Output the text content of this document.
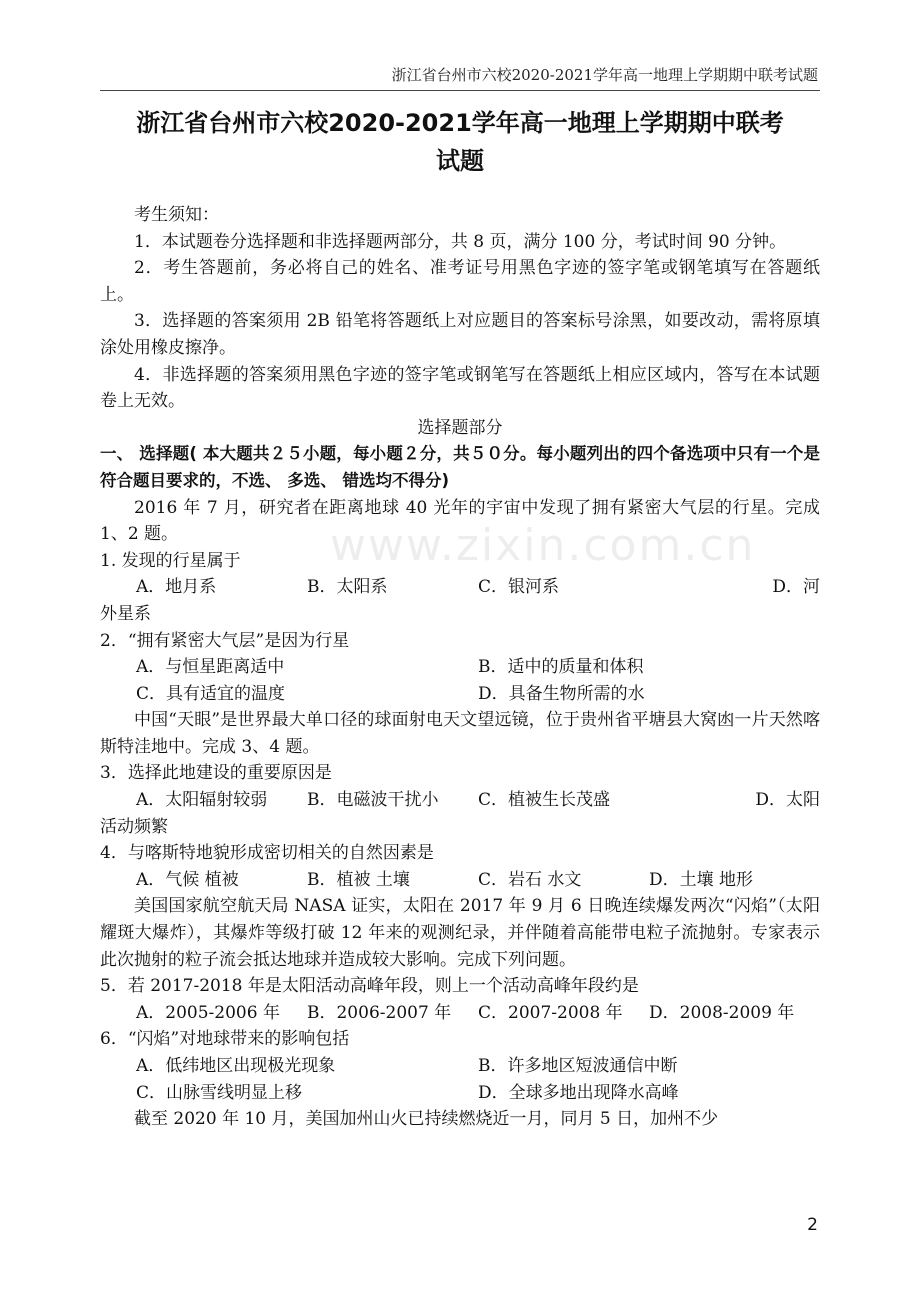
浙江省台州市六校2020-2021学年高一地理上学期期中联考试题
浙江省台州市六校2020-2021学年高一地理上学期期中联考
试题
www.zixin.com.cn

考生须知：

1．本试题卷分选择题和非选择题两部分，共 8 页，满分 100 分，考试时间 90 分钟。

2．考生答题前，务必将自己的姓名、准考证号用黑色字迹的签字笔或钢笔填写在答题纸上。

3．选择题的答案须用 2B 铅笔将答题纸上对应题目的答案标号涂黑，如要改动，需将原填涂处用橡皮擦净。

4．非选择题的答案须用黑色字迹的签字笔或钢笔写在答题纸上相应区域内，答写在本试题卷上无效。

选择题部分

一、 选择题( 本大题共２５小题，每小题２分，共５０分。每小题列出的四个备选项中只有一个是符合题目要求的，不选、 多选、 错选均不得分)

2016 年 7 月，研究者在距离地球 40 光年的宇宙中发现了拥有紧密大气层的行星。完成 1、2 题。

1. 发现的行星属于

A．地月系	B．太阳系	C．银河系	D．河

外星系

2．“拥有紧密大气层”是因为行星

A．与恒星距离适中	B．适中的质量和体积
C．具有适宜的温度	D．具备生物所需的水

中国“天眼”是世界最大单口径的球面射电天文望远镜，位于贵州省平塘县大窝凼一片天然喀斯特洼地中。完成 3、4 题。

3．选择此地建设的重要原因是

A．太阳辐射较弱	B．电磁波干扰小	C．植被生长茂盛	D．太阳

活动频繁

4．与喀斯特地貌形成密切相关的自然因素是

A．气候 植被	B．植被 土壤	C．岩石 水文	D．土壤 地形

美国国家航空航天局 NASA 证实，太阳在 2017 年 9 月 6 日晚连续爆发两次“闪焰”（太阳耀斑大爆炸），其爆炸等级打破 12 年来的观测纪录，并伴随着高能带电粒子流抛射。专家表示此次抛射的粒子流会抵达地球并造成较大影响。完成下列问题。

5．若 2017-2018 年是太阳活动高峰年段，则上一个活动高峰年段约是

A．2005-2006 年	B．2006-2007 年	C．2007-2008 年	D．2008-2009 年

6．“闪焰”对地球带来的影响包括

A．低纬地区出现极光现象	B．许多地区短波通信中断
C．山脉雪线明显上移	D．全球多地出现降水高峰

截至 2020 年 10 月，美国加州山火已持续燃烧近一月，同月 5 日，加州不少

2
